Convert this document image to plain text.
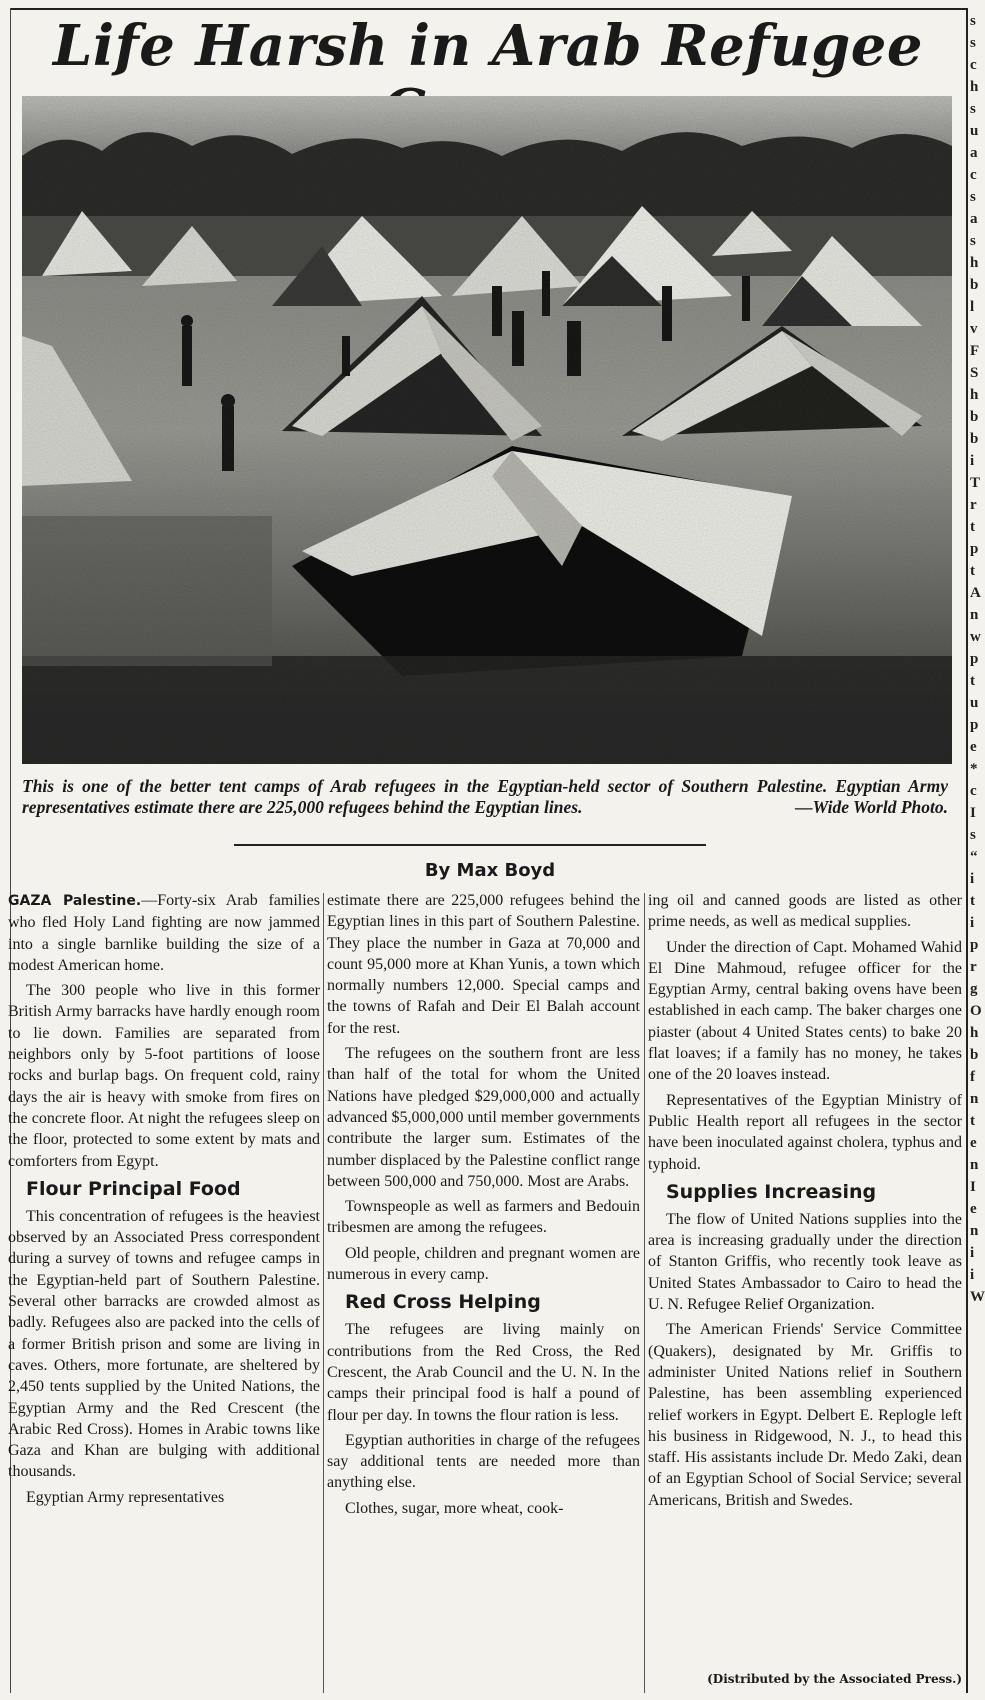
Life Harsh in Arab Refugee

This is one of the better tent camps of Arab refugees in the Egyptian-held sector of Southern Palestine. Egyptian Army representatives estimate there are 225,000 refugees behind the Egyptian lines.	—Wide World Photo.

By Max Boyd

GAZA Palestine.—Forty-six Arab families who fled Holy Land fighting are now jammed into a single barnlike building the size of a modest American home.

The 300 people who live in this former British Army barracks have hardly enough room to lie down. Families are separated from neighbors only by 5-foot partitions of loose rocks and burlap bags. On frequent cold, rainy days the air is heavy with smoke from fires on the concrete floor. At night the refugees sleep on the floor, protected to some extent by mats and comforters from Egypt.

Flour Principal Food

This concentration of refugees is the heaviest observed by an Associated Press correspondent during a survey of towns and refugee camps in the Egyptian-held part of Southern Palestine. Several other barracks are crowded almost as badly. Refugees also are packed into the cells of a former British prison and some are living in caves. Others, more fortunate, are sheltered by 2,450 tents supplied by the United Nations, the Egyptian Army and the Red Crescent (the Arabic Red Cross). Homes in Arabic towns like Gaza and Khan are bulging with additional thousands.

Egyptian Army representatives

estimate there are 225,000 refugees behind the Egyptian lines in this part of Southern Palestine. They place the number in Gaza at 70,000 and count 95,000 more at Khan Yunis, a town which normally numbers 12,000. Special camps and the towns of Rafah and Deir El Balah account for the rest.

The refugees on the southern front are less than half of the total for whom the United Nations have pledged $29,000,000 and actually advanced $5,000,000 until member governments contribute the larger sum. Estimates of the number displaced by the Palestine conflict range between 500,000 and 750,000. Most are Arabs.

Townspeople as well as farmers and Bedouin tribesmen are among the refugees.

Old people, children and pregnant women are numerous in every camp.

Red Cross Helping

The refugees are living mainly on contributions from the Red Cross, the Red Crescent, the Arab Council and the U. N. In the camps their principal food is half a pound of flour per day. In towns the flour ration is less.

Egyptian authorities in charge of the refugees say additional tents are needed more than anything else.

Clothes, sugar, more wheat, cook-

ing oil and canned goods are listed as other prime needs, as well as medical supplies.

Under the direction of Capt. Mohamed Wahid El Dine Mahmoud, refugee officer for the Egyptian Army, central baking ovens have been established in each camp. The baker charges one piaster (about 4 United States cents) to bake 20 flat loaves; if a family has no money, he takes one of the 20 loaves instead.

Representatives of the Egyptian Ministry of Public Health report all refugees in the sector have been inoculated against cholera, typhus and typhoid.

Supplies Increasing

The flow of United Nations supplies into the area is increasing gradually under the direction of Stanton Griffis, who recently took leave as United States Ambassador to Cairo to head the U. N. Refugee Relief Organization.

The American Friends' Service Committee (Quakers), designated by Mr. Griffis to administer United Nations relief in Southern Palestine, has been assembling experienced relief workers in Egypt. Delbert E. Replogle left his business in Ridgewood, N. J., to head this staff. His assistants include Dr. Medo Zaki, dean of an Egyptian School of Social Service; several Americans, British and Swedes.

(Distributed by the Associated Press.)
s s c h s u a c s a s h b l v F S h b b i T r t p t A n w p t u p e * c I s “ i t i p r g O h b f n t e n I e n i i W
